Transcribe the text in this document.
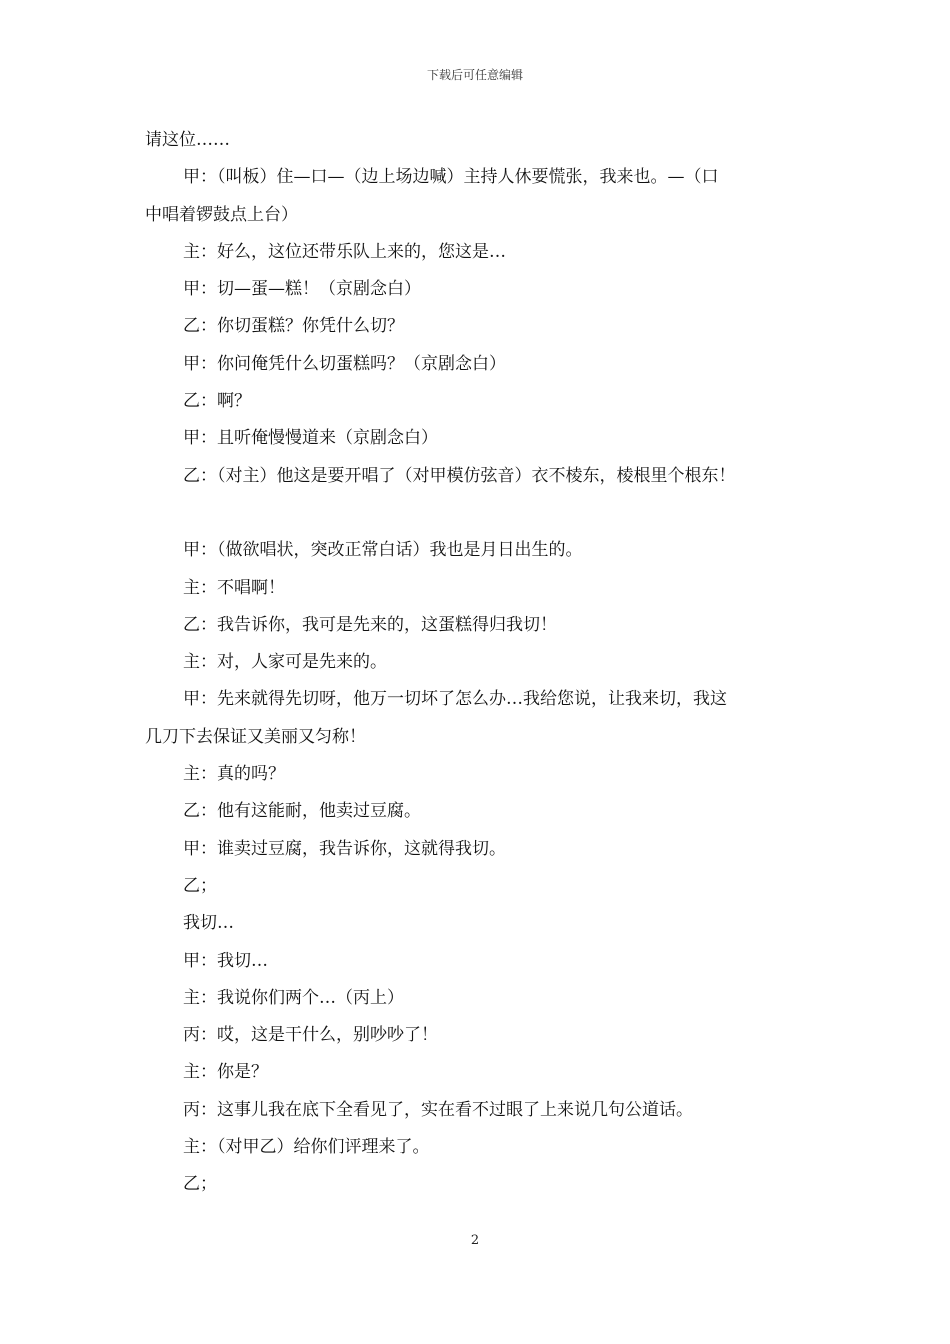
下载后可任意编辑
请这位……
甲：（叫板）住—口—（边上场边喊）主持人休要慌张，我来也。—（口
中唱着锣鼓点上台）
主：好么，这位还带乐队上来的，您这是…
甲：切—蛋—糕！（京剧念白）
乙：你切蛋糕？你凭什么切？
甲：你问俺凭什么切蛋糕吗？（京剧念白）
乙：啊？
甲：且听俺慢慢道来（京剧念白）
乙：（对主）他这是要开唱了（对甲模仿弦音）衣不棱东，棱根里个根东！
甲：（做欲唱状，突改正常白话）我也是月日出生的。
主：不唱啊！
乙：我告诉你，我可是先来的，这蛋糕得归我切！
主：对，人家可是先来的。
甲：先来就得先切呀，他万一切坏了怎么办…我给您说，让我来切，我这
几刀下去保证又美丽又匀称！
主：真的吗？
乙：他有这能耐，他卖过豆腐。
甲：谁卖过豆腐，我告诉你，这就得我切。
乙；
我切…
甲：我切…
主：我说你们两个…（丙上）
丙：哎，这是干什么，别吵吵了！
主：你是？
丙：这事儿我在底下全看见了，实在看不过眼了上来说几句公道话。
主：（对甲乙）给你们评理来了。
乙；
2
